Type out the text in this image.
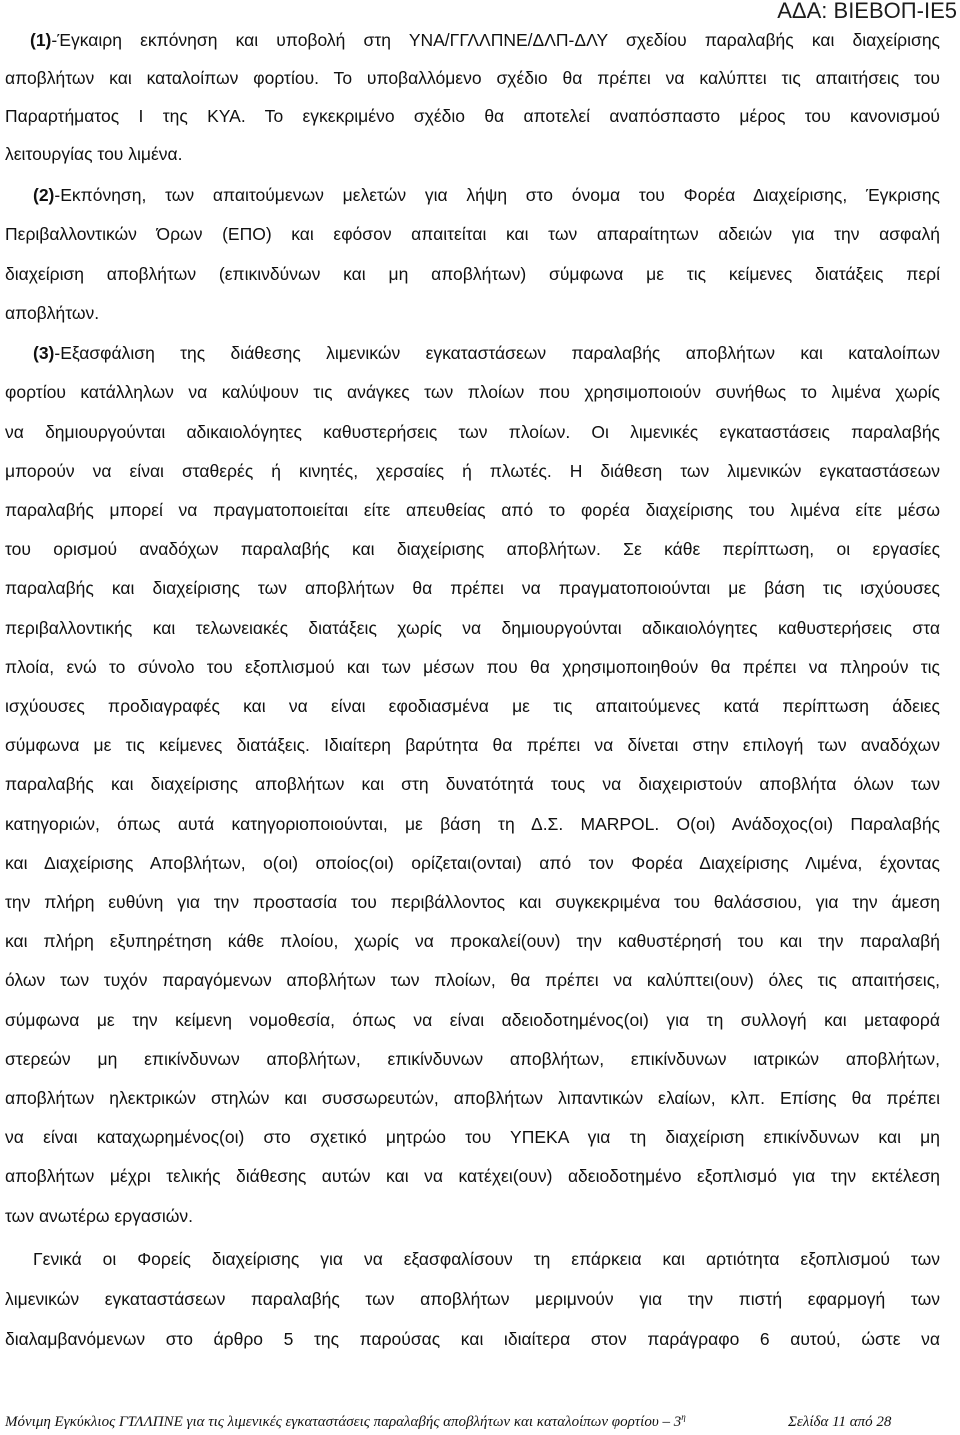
ΑΔΑ: ΒΙΕΒΟΠ-ΙΕ5
(1)-Έγκαιρη εκπόνηση και υποβολή στη ΥΝΑ/ΓΓΛΛΠΝΕ/ΔΛΠ-ΔΛΥ σχεδίου παραλαβής και διαχείρισης
αποβλήτων και καταλοίπων φορτίου. Το υποβαλλόμενο σχέδιο θα πρέπει να καλύπτει τις απαιτήσεις του
Παραρτήματος Ι της ΚΥΑ. Το εγκεκριμένο σχέδιο θα αποτελεί αναπόσπαστο μέρος του κανονισμού
λειτουργίας του λιμένα.
(2)-Εκπόνηση, των απαιτούμενων μελετών για λήψη στο όνομα του Φορέα Διαχείρισης, Έγκρισης
Περιβαλλοντικών Όρων (ΕΠΟ) και εφόσον απαιτείται και των απαραίτητων αδειών για την ασφαλή
διαχείριση αποβλήτων (επικινδύνων και μη αποβλήτων) σύμφωνα με τις κείμενες διατάξεις περί
αποβλήτων.
(3)-Εξασφάλιση της διάθεσης λιμενικών εγκαταστάσεων παραλαβής αποβλήτων και καταλοίπων
φορτίου κατάλληλων να καλύψουν τις ανάγκες των πλοίων που χρησιμοποιούν συνήθως το λιμένα χωρίς
να δημιουργούνται αδικαιολόγητες καθυστερήσεις των πλοίων. Οι λιμενικές εγκαταστάσεις παραλαβής
μπορούν να είναι σταθερές ή κινητές, χερσαίες ή πλωτές. Η διάθεση των λιμενικών εγκαταστάσεων
παραλαβής μπορεί να πραγματοποιείται είτε απευθείας από το φορέα διαχείρισης του λιμένα είτε μέσω
του ορισμού αναδόχων παραλαβής και διαχείρισης αποβλήτων. Σε κάθε περίπτωση, οι εργασίες
παραλαβής και διαχείρισης των αποβλήτων θα πρέπει να πραγματοποιούνται με βάση τις ισχύουσες
περιβαλλοντικής και τελωνειακές διατάξεις χωρίς να δημιουργούνται αδικαιολόγητες καθυστερήσεις στα
πλοία, ενώ το σύνολο του εξοπλισμού και των μέσων που θα χρησιμοποιηθούν θα πρέπει να πληρούν τις
ισχύουσες προδιαγραφές και να είναι εφοδιασμένα με τις απαιτούμενες κατά περίπτωση άδειες
σύμφωνα με τις κείμενες διατάξεις. Ιδιαίτερη βαρύτητα θα πρέπει να δίνεται στην επιλογή των αναδόχων
παραλαβής και διαχείρισης αποβλήτων και στη δυνατότητά τους να διαχειριστούν αποβλήτα όλων των
κατηγοριών, όπως αυτά κατηγοριοποιούνται, με βάση τη Δ.Σ. MARPOL. Ο(οι) Ανάδοχος(οι) Παραλαβής
και Διαχείρισης Αποβλήτων, ο(οι) οποίος(οι) ορίζεται(ονται) από τον Φορέα Διαχείρισης Λιμένα, έχοντας
την πλήρη ευθύνη για την προστασία του περιβάλλοντος και συγκεκριμένα του θαλάσσιου, για την άμεση
και πλήρη εξυπηρέτηση κάθε πλοίου, χωρίς να προκαλεί(ουν) την καθυστέρησή του και την παραλαβή
όλων των τυχόν παραγόμενων αποβλήτων των πλοίων, θα πρέπει να καλύπτει(ουν) όλες τις απαιτήσεις,
σύμφωνα με την κείμενη νομοθεσία, όπως να είναι αδειοδοτημένος(οι) για τη συλλογή και μεταφορά
στερεών μη επικίνδυνων αποβλήτων, επικίνδυνων αποβλήτων, επικίνδυνων ιατρικών αποβλήτων,
αποβλήτων ηλεκτρικών στηλών και συσσωρευτών, αποβλήτων λιπαντικών ελαίων, κλπ. Επίσης θα πρέπει
να είναι καταχωρημένος(οι) στο σχετικό μητρώο του ΥΠΕΚΑ για τη διαχείριση επικίνδυνων και μη
αποβλήτων μέχρι τελικής διάθεσης αυτών και να κατέχει(ουν) αδειοδοτημένο εξοπλισμό για την εκτέλεση
των ανωτέρω εργασιών.
Γενικά οι Φορείς διαχείρισης για να εξασφαλίσουν τη επάρκεια και αρτιότητα εξοπλισμού των
λιμενικών εγκαταστάσεων παραλαβής των αποβλήτων μεριμνούν για την πιστή εφαρμογή των
διαλαμβανόμενων στο άρθρο 5 της παρούσας και ιδιαίτερα στον παράγραφο 6 αυτού, ώστε να
Μόνιμη Εγκύκλιος ΓΤΛΛΠΝΕ για τις λιμενικές εγκαταστάσεις παραλαβής αποβλήτων και καταλοίπων φορτίου – $3^\eta$	Σελίδα 11 από 28
